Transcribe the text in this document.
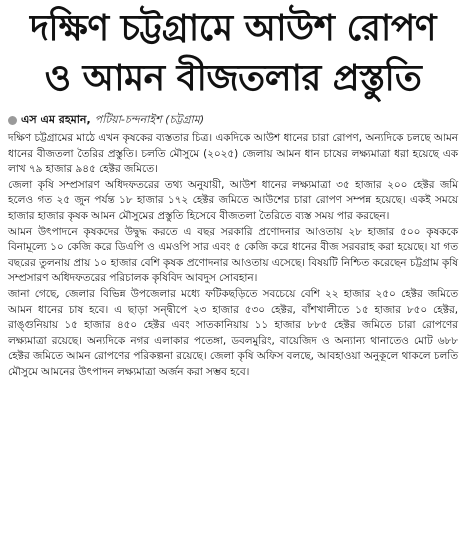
দক্ষিণ চট্টগ্রামে আউশ রোপণ
ও আমন বীজতলার প্রস্তুতি
এস এম রহমান, পটিয়া-চন্দনাইশ (চট্টগ্রাম)

দক্ষিণ চট্টগ্রামের মাঠে এখন কৃষকের ব্যস্ততার চিত্র। একদিকে আউশ ধানের চারা রোপণ, অন্যদিকে চলছে আমন ধানের বীজতলা তৈরির প্রস্তুতি। চলতি মৌসুমে (২০২৫) জেলায় আমন ধান চাষের লক্ষ্যমাত্রা ধরা হয়েছে এক লাখ ৭৯ হাজার ৯৪৫ হেক্টর জমিতে।

জেলা কৃষি সম্প্রসারণ অধিদফতরের তথ্য অনুযায়ী, আউশ ধানের লক্ষ্যমাত্রা ৩৫ হাজার ২০০ হেক্টর জমি হলেও গত ২৫ জুন পর্যন্ত ১৮ হাজার ১৭২ হেক্টর জমিতে আউশের চারা রোপণ সম্পন্ন হয়েছে। একই সময়ে হাজার হাজার কৃষক আমন মৌসুমের প্রস্তুতি হিসেবে বীজতলা তৈরিতে ব্যস্ত সময় পার করছেন।

আমন উৎপাদনে কৃষকদের উদ্বুদ্ধ করতে এ বছর সরকারি প্রণোদনার আওতায় ২৮ হাজার ৫০০ কৃষককে বিনামূল্যে ১০ কেজি করে ডিএপি ও এমওপি সার এবং ৫ কেজি করে ধানের বীজ সরবরাহ করা হয়েছে। যা গত বছরের তুলনায় প্রায় ১০ হাজার বেশি কৃষক প্রণোদনার আওতায় এসেছে। বিষয়টি নিশ্চিত করেছেন চট্টগ্রাম কৃষি সম্প্রসারণ অধিদফতরের পরিচালক কৃষিবিদ আবদুস সোবহান।

জানা গেছে, জেলার বিভিন্ন উপজেলার মধ্যে ফটিকছড়িতে সবচেয়ে বেশি ২২ হাজার ২৫০ হেক্টর জমিতে আমন ধানের চাষ হবে। এ ছাড়া সন্দ্বীপে ২৩ হাজার ৫৩০ হেক্টর, বাঁশখালীতে ১৫ হাজার ৮৫০ হেক্টর, রাঙ্গুনিয়ায় ১৫ হাজার ৪৫০ হেক্টর এবং সাতকানিয়ায় ১১ হাজার ৮৮৫ হেক্টর জমিতে চারা রোপণের লক্ষ্যমাত্রা রয়েছে। অন্যদিকে নগর এলাকার পতেঙ্গা, ডবলমুরিং, বায়েজিদ ও অন্যান্য থানাতেও মোট ৬৮৮ হেক্টর জমিতে আমন রোপণের পরিকল্পনা রয়েছে। জেলা কৃষি অফিস বলছে, আবহাওয়া অনুকূলে থাকলে চলতি মৌসুমে আমনের উৎপাদন লক্ষ্যমাত্রা অর্জন করা সম্ভব হবে।
